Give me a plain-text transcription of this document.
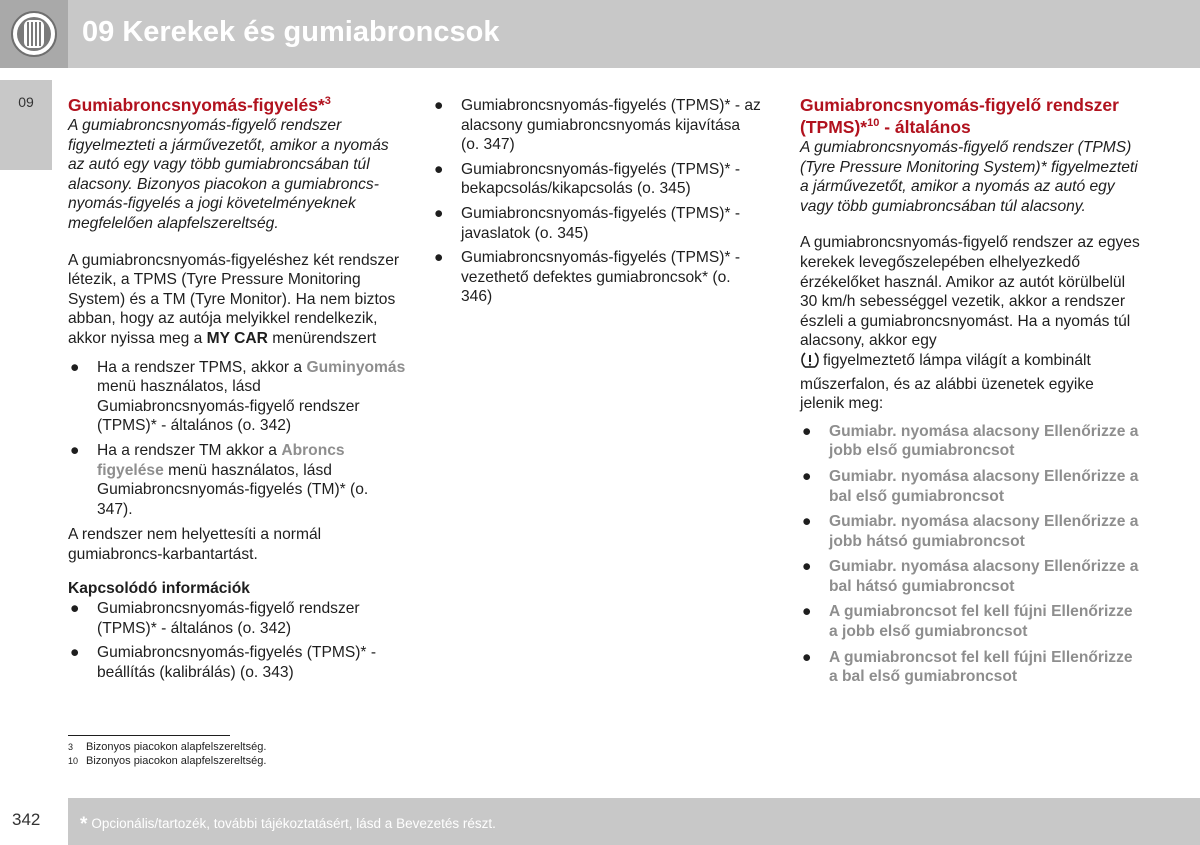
09 Kerekek és gumiabroncsok
09	Gumiabroncsnyomás-figyelés*$^3$

A gumiabroncsnyomás-figyelő rendszer figyelmezteti a járművezetőt, amikor a nyomás az autó egy vagy több gumiabroncsában túl alacsony. Bizonyos piacokon a gumiabroncs-nyomás-figyelés a jogi követelményeknek megfelelően alapfelszereltség.

A gumiabroncsnyomás-figyeléshez két rendszer létezik, a TPMS (Tyre Pressure Monitoring System) és a TM (Tyre Monitor). Ha nem biztos abban, hogy az autója melyikkel rendelkezik, akkor nyissa meg a MY CAR menürendszert

● Ha a rendszer TPMS, akkor a Guminyomás menü használatos, lásd Gumiabroncsnyomás-figyelő rendszer (TPMS)* - általános (o. 342)
● Ha a rendszer TM akkor a Abroncs figyelése menü használatos, lásd Gumiabroncsnyomás-figyelés (TM)* (o. 347).

A rendszer nem helyettesíti a normál gumiabroncs-karbantartást.

Kapcsolódó információk

● Gumiabroncsnyomás-figyelő rendszer (TPMS)* - általános (o. 342)
● Gumiabroncsnyomás-figyelés (TPMS)* - beállítás (kalibrálás) (o. 343)
● Gumiabroncsnyomás-figyelés (TPMS)* - az alacsony gumiabroncsnyomás kijavítása (o. 347)
● Gumiabroncsnyomás-figyelés (TPMS)* - bekapcsolás/kikapcsolás (o. 345)
● Gumiabroncsnyomás-figyelés (TPMS)* - javaslatok (o. 345)
● Gumiabroncsnyomás-figyelés (TPMS)* - vezethető defektes gumiabroncsok* (o. 346)

Gumiabroncsnyomás-figyelő rendszer (TPMS)*$^{10}$ - általános

A gumiabroncsnyomás-figyelő rendszer (TPMS) (Tyre Pressure Monitoring System)* figyelmezteti a járművezetőt, amikor a nyomás az autó egy vagy több gumiabroncsában túl alacsony.

A gumiabroncsnyomás-figyelő rendszer az egyes kerekek levegőszelepében elhelyezkedő érzékelőket használ. Amikor az autót körülbelül 30 km/h sebességgel vezetik, akkor a rendszer észleli a gumiabroncsnyomást. Ha a nyomás túl alacsony, akkor egy
figyelmeztető lámpa világít a kombinált műszerfalon, és az alábbi üzenetek egyike jelenik meg:

● Gumiabr. nyomása alacsony Ellenőrizze a jobb első gumiabroncsot
● Gumiabr. nyomása alacsony Ellenőrizze a bal első gumiabroncsot
● Gumiabr. nyomása alacsony Ellenőrizze a jobb hátsó gumiabroncsot
● Gumiabr. nyomása alacsony Ellenőrizze a bal hátsó gumiabroncsot
● A gumiabroncsot fel kell fújni Ellenőrizze a jobb első gumiabroncsot
● A gumiabroncsot fel kell fújni Ellenőrizze a bal első gumiabroncsot
3 Bizonyos piacokon alapfelszereltség.
10 Bizonyos piacokon alapfelszereltség.
342 * Opcionális/tartozék, további tájékoztatásért, lásd a Bevezetés részt.
